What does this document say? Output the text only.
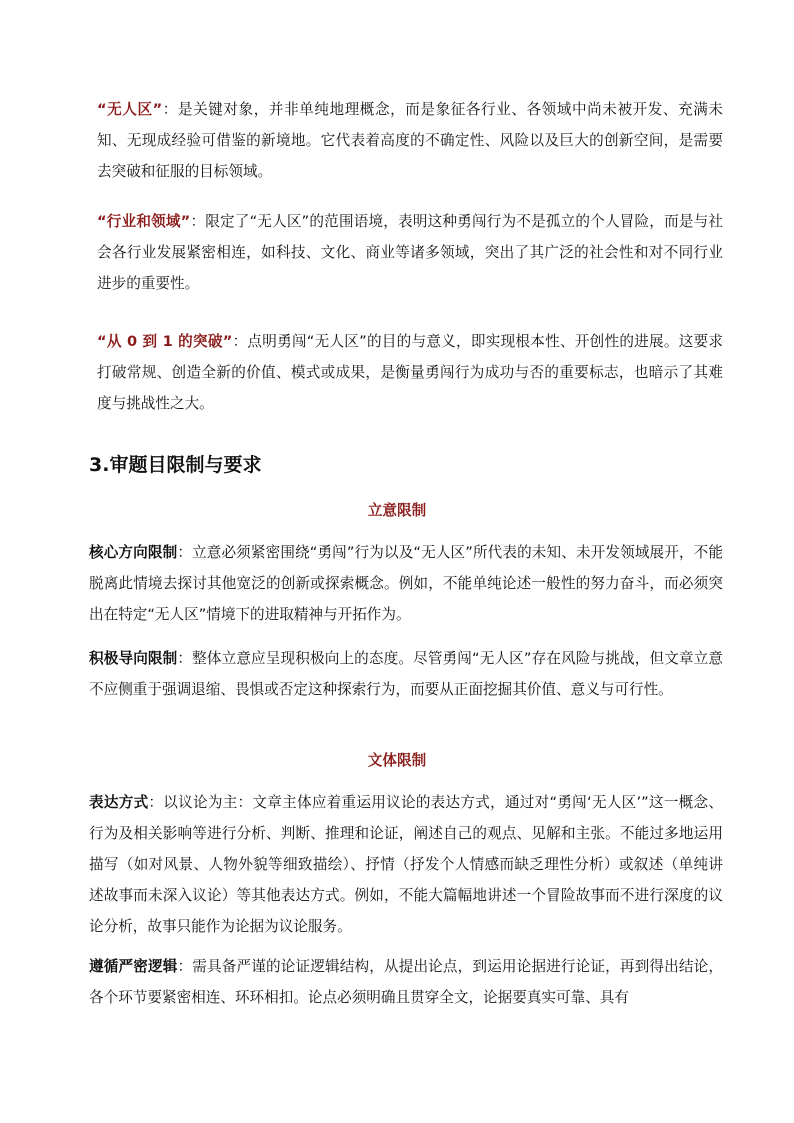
“无人区”：是关键对象，并非单纯地理概念，而是象征各行业、各领域中尚未被开发、充满未知、无现成经验可借鉴的新境地。它代表着高度的不确定性、风险以及巨大的创新空间，是需要去突破和征服的目标领域。

“行业和领域”：限定了“无人区”的范围语境，表明这种勇闯行为不是孤立的个人冒险，而是与社会各行业发展紧密相连，如科技、文化、商业等诸多领域，突出了其广泛的社会性和对不同行业进步的重要性。

“从 0 到 1 的突破”：点明勇闯“无人区”的目的与意义，即实现根本性、开创性的进展。这要求打破常规、创造全新的价值、模式或成果，是衡量勇闯行为成功与否的重要标志，也暗示了其难度与挑战性之大。

3.审题目限制与要求

立意限制

核心方向限制：立意必须紧密围绕“勇闯”行为以及“无人区”所代表的未知、未开发领域展开，不能脱离此情境去探讨其他宽泛的创新或探索概念。例如，不能单纯论述一般性的努力奋斗，而必须突出在特定“无人区”情境下的进取精神与开拓作为。

积极导向限制：整体立意应呈现积极向上的态度。尽管勇闯“无人区”存在风险与挑战，但文章立意不应侧重于强调退缩、畏惧或否定这种探索行为，而要从正面挖掘其价值、意义与可行性。

文体限制

表达方式：以议论为主：文章主体应着重运用议论的表达方式，通过对“勇闯‘无人区’”这一概念、行为及相关影响等进行分析、判断、推理和论证，阐述自己的观点、见解和主张。不能过多地运用描写（如对风景、人物外貌等细致描绘）、抒情（抒发个人情感而缺乏理性分析）或叙述（单纯讲述故事而未深入议论）等其他表达方式。例如，不能大篇幅地讲述一个冒险故事而不进行深度的议论分析，故事只能作为论据为议论服务。

遵循严密逻辑：需具备严谨的论证逻辑结构，从提出论点，到运用论据进行论证，再到得出结论，各个环节要紧密相连、环环相扣。论点必须明确且贯穿全文，论据要真实可靠、具有
